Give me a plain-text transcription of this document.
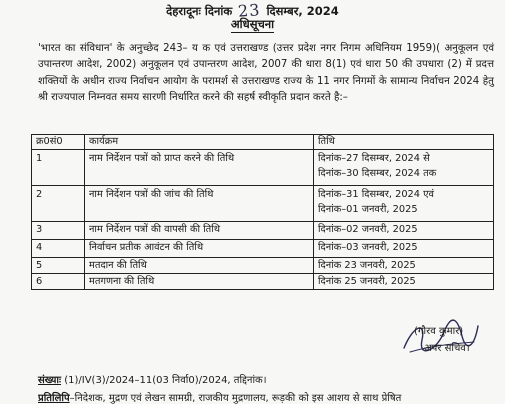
देहरादूनः दिनांक 23 दिसम्बर, 2024
अधिसूचना
'भारत का संविधान' के अनुच्छेद 243– य क एवं उत्तराखण्ड (उत्तर प्रदेश नगर निगम अधिनियम 1959)( अनुकूलन एवं उपान्तरण आदेश, 2002) अनुकूलन एवं उपान्तरण आदेश, 2007 की धारा 8(1) एवं धारा 50 की उपधारा (2) में प्रदत्त शक्तियों के अधीन राज्य निर्वाचन आयोग के परामर्श से उत्तराखण्ड राज्य के 11 नगर निगमों के सामान्य निर्वाचन 2024 हेतु श्री राज्यपाल निम्नवत समय सारणी निर्धारित करने की सहर्ष स्वीकृति प्रदान करते है:–
क्र0सं0	कार्यक्रम	तिथि
1	नाम निर्देशन पत्रों को प्राप्त करने की तिथि	दिनांक–27 दिसम्बर, 2024 से
दिनांक–30 दिसम्बर, 2024 तक

2	नाम निर्देशन पत्रों की जांच की तिथि	दिनांक–31 दिसम्बर, 2024 एवं
दिनांक–01 जनवरी, 2025

3	नाम निर्देशन पत्रों की वापसी की तिथि	दिनांक–02 जनवरी, 2025
4	निर्वाचन प्रतीक आवंटन की तिथि	दिनांक–03 जनवरी, 2025
5	मतदान की तिथि	दिनांक 23 जनवरी, 2025
6	मतगणना की तिथि	दिनांक 25 जनवरी, 2025
(गौरव कुमार)
अपर सचिव।
संख्याः (1)/IV(3)/2024–11(03 निर्वा0)/2024, तद्दिनांक।
प्रतिलिपि–निदेशक, मुद्रण एवं लेखन सामग्री, राजकीय मुद्रणालय, रूड़की को इस आशय से साथ प्रेषित
